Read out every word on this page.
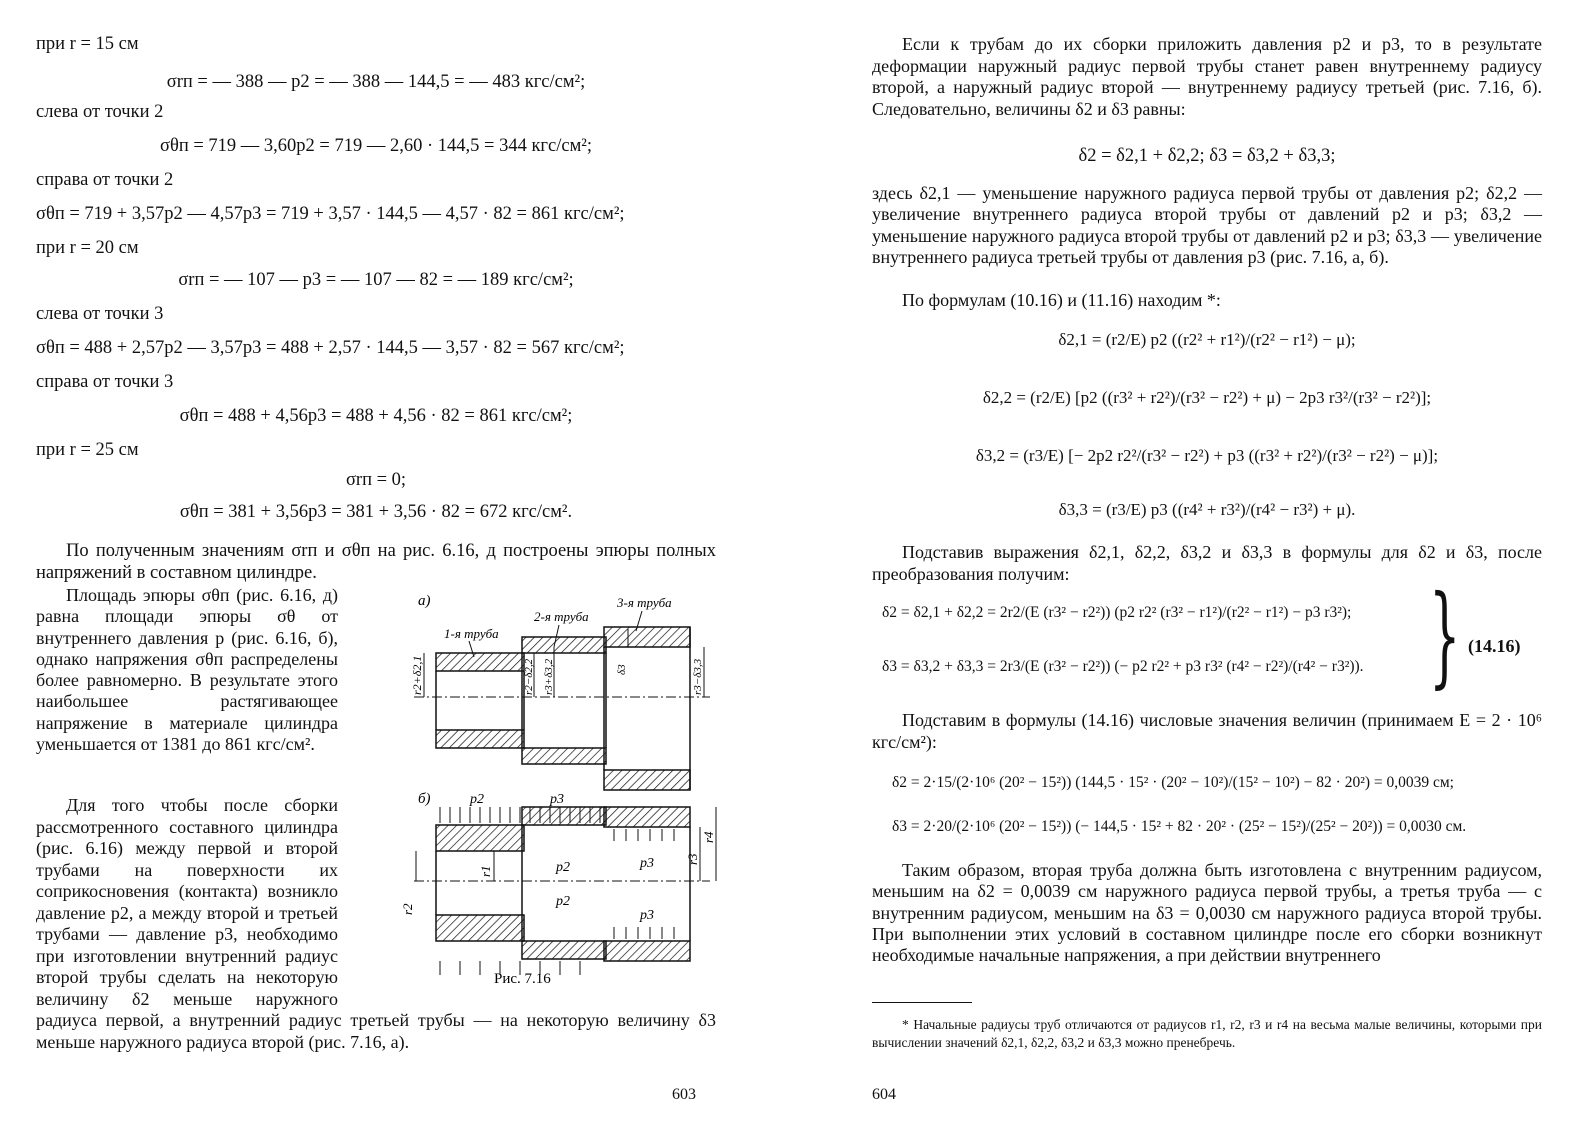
при r = 15 см
σrп = — 388 — p2 = — 388 — 144,5 = — 483 кгс/см²;
слева от точки 2
σθп = 719 — 3,60p2 = 719 — 2,60 · 144,5 = 344 кгс/см²;
справа от точки 2
σθп = 719 + 3,57p2 — 4,57p3 = 719 + 3,57 · 144,5 — 4,57 · 82 = 861 кгс/см²;
при r = 20 см
σrп = — 107 — p3 = — 107 — 82 = — 189 кгс/см²;
слева от точки 3
σθп = 488 + 2,57p2 — 3,57p3 = 488 + 2,57 · 144,5 — 3,57 · 82 = 567 кгс/см²;
справа от точки 3
σθп = 488 + 4,56p3 = 488 + 4,56 · 82 = 861 кгс/см²;
при r = 25 см
σrп = 0;
σθп = 381 + 3,56p3 = 381 + 3,56 · 82 = 672 кгс/см².
По полученным значениям σrп и σθп на рис. 6.16, д построены эпюры полных напряжений в составном цилиндре.
Площадь эпюры σθп (рис. 6.16, д) равна площади эпюры σθ от внутреннего давления p (рис. 6.16, б), однако напряжения σθп распределены более равномерно. В результате этого наибольшее растягивающее напряжение в материале цилиндра уменьшается от 1381 до 861 кгс/см².
Для того чтобы после сборки рассмотренного составного цилиндра (рис. 6.16) между первой и второй трубами на поверхности их соприкосновения (контакта) возникло давление p2, а между второй и третьей трубами — давление p3, необходимо при изготовлении внутренний радиус второй трубы сделать на некоторую величину δ2 меньше наружного радиуса первой, а внутренний радиус третьей трубы — на некоторую величину δ3 меньше наружного радиуса второй (рис. 7.16, а).
а)
1-я труба
2-я труба
3-я труба
r2+δ2,1	r2−δ2,2 r3+δ3,2	δ3	r3−δ3,3
б)	p2	p3
p2
p2
p3
p3
r1
r2
r3
r4
Рис. 7.16
603
Если к трубам до их сборки приложить давления p2 и p3, то в результате деформации наружный радиус первой трубы станет равен внутреннему радиусу второй, а наружный радиус второй — внутреннему радиусу третьей (рис. 7.16, б). Следовательно, величины δ2 и δ3 равны:
δ2 = δ2,1 + δ2,2; δ3 = δ3,2 + δ3,3;
здесь δ2,1 — уменьшение наружного радиуса первой трубы от давления p2; δ2,2 — увеличение внутреннего радиуса второй трубы от давлений p2 и p3; δ3,2 — уменьшение наружного радиуса второй трубы от давлений p2 и p3; δ3,3 — увеличение внутреннего радиуса третьей трубы от давления p3 (рис. 7.16, а, б).
По формулам (10.16) и (11.16) находим *:
δ2,1 = (r2/E) p2 ((r2² + r1²)/(r2² − r1²) − μ);
δ2,2 = (r2/E) [p2 ((r3² + r2²)/(r3² − r2²) + μ) − 2p3 r3²/(r3² − r2²)];
δ3,2 = (r3/E) [− 2p2 r2²/(r3² − r2²) + p3 ((r3² + r2²)/(r3² − r2²) − μ)];
δ3,3 = (r3/E) p3 ((r4² + r3²)/(r4² − r3²) + μ).
Подставив выражения δ2,1, δ2,2, δ3,2 и δ3,3 в формулы для δ2 и δ3, после преобразования получим:
δ2 = δ2,1 + δ2,2 = 2r2/(E (r3² − r2²)) (p2 r2² (r3² − r1²)/(r2² − r1²) − p3 r3²);
δ3 = δ3,2 + δ3,3 = 2r3/(E (r3² − r2²)) (− p2 r2² + p3 r3² (r4² − r2²)/(r4² − r3²)). } (14.16)
Подставим в формулы (14.16) числовые значения величин (принимаем E = 2 · 10⁶ кгс/см²):
δ2 = 2·15/(2·10⁶ (20² − 15²)) (144,5 · 15² · (20² − 10²)/(15² − 10²) − 82 · 20²) = 0,0039 см;
δ3 = 2·20/(2·10⁶ (20² − 15²)) (− 144,5 · 15² + 82 · 20² · (25² − 15²)/(25² − 20²)) = 0,0030 см.
Таким образом, вторая труба должна быть изготовлена с внутренним радиусом, меньшим на δ2 = 0,0039 см наружного радиуса первой трубы, а третья труба — с внутренним радиусом, меньшим на δ3 = 0,0030 см наружного радиуса второй трубы. При выполнении этих условий в составном цилиндре после его сборки возникнут необходимые начальные напряжения, а при действии внутреннего
* Начальные радиусы труб отличаются от радиусов r1, r2, r3 и r4 на весьма малые величины, которыми при вычислении значений δ2,1, δ2,2, δ3,2 и δ3,3 можно пренебречь.
604
